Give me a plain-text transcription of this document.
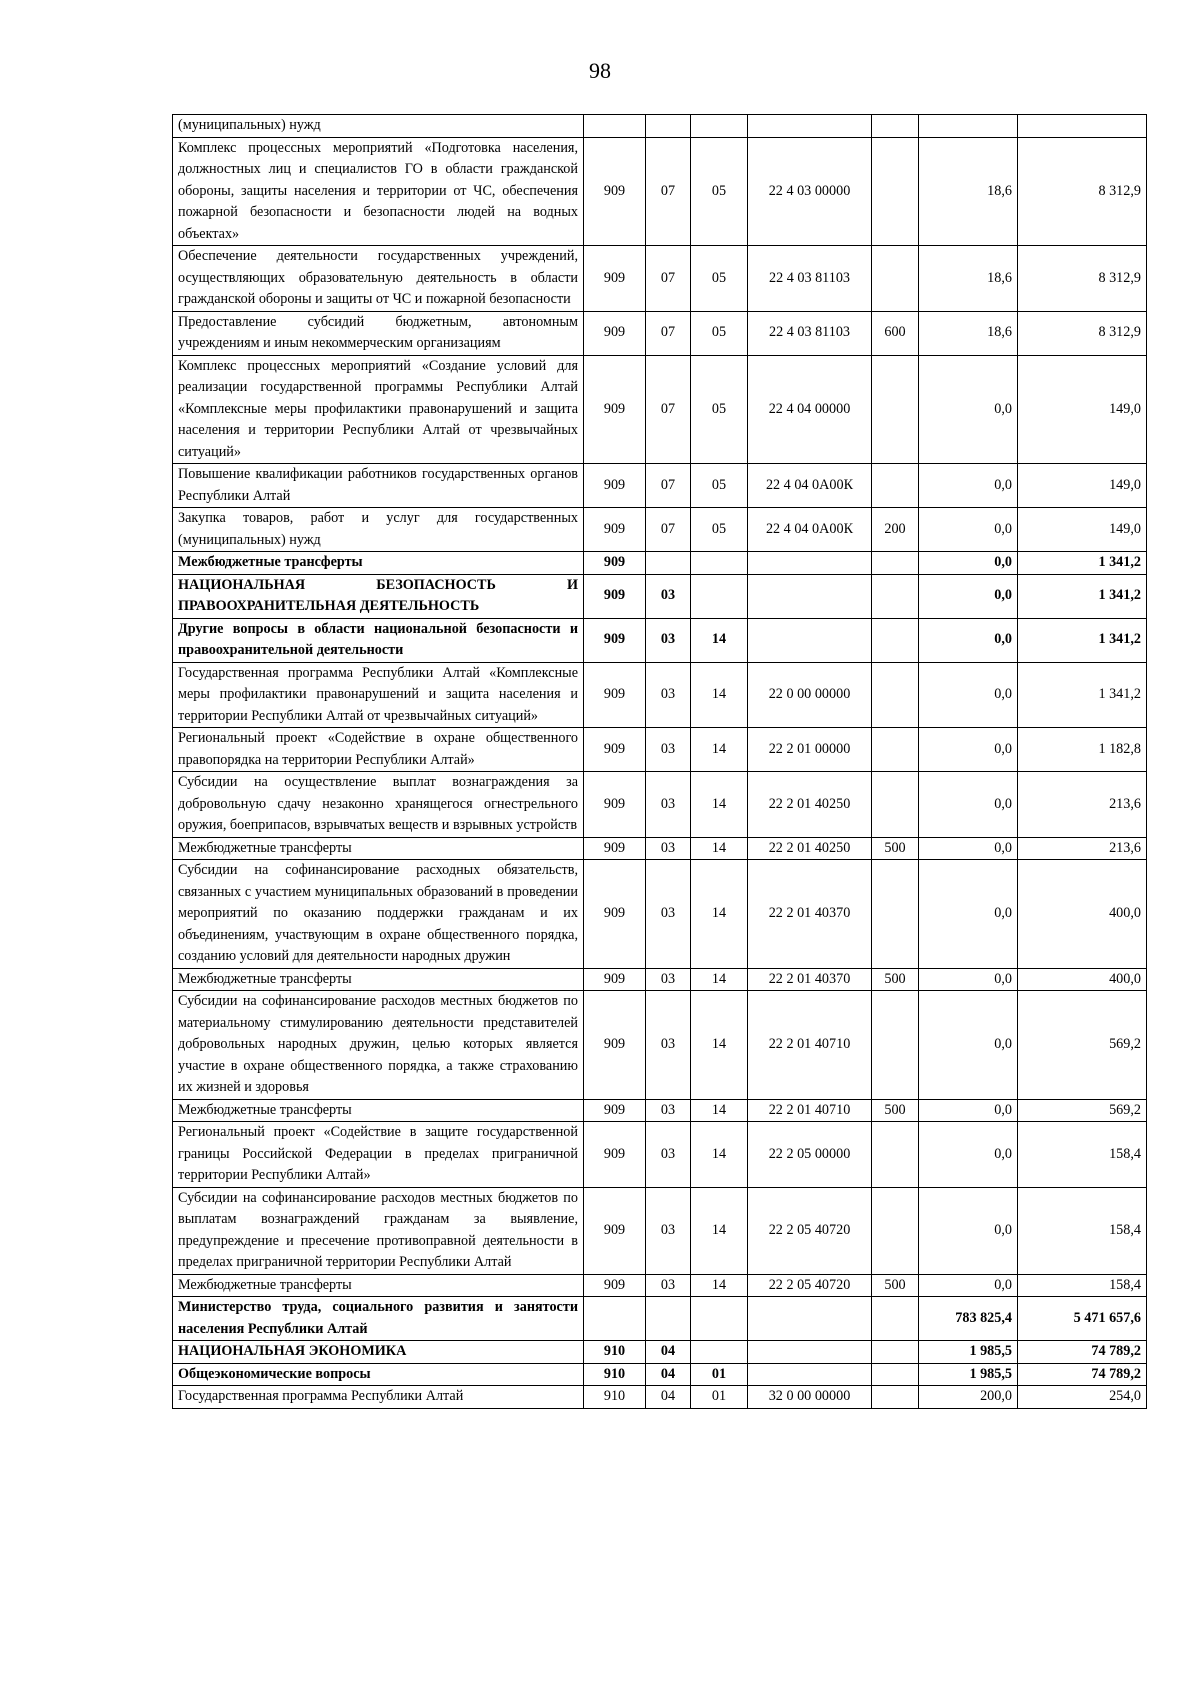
98
(муниципальных) нужд							
Комплекс процессных мероприятий «Подготовка населения, должностных лиц и специалистов ГО в области гражданской обороны, защиты населения и территории от ЧС, обеспечения пожарной безопасности и безопасности людей на водных объектах»	909	07	05	22 4 03 00000		18,6	8 312,9
Обеспечение деятельности государственных учреждений, осуществляющих образовательную деятельность в области гражданской обороны и защиты от ЧС и пожарной безопасности	909	07	05	22 4 03 81103		18,6	8 312,9
Предоставление субсидий бюджетным, автономным учреждениям и иным некоммерческим организациям	909	07	05	22 4 03 81103	600	18,6	8 312,9
Комплекс процессных мероприятий «Создание условий для реализации государственной программы Республики Алтай «Комплексные меры профилактики правонарушений и защита населения и территории Республики Алтай от чрезвычайных ситуаций»	909	07	05	22 4 04 00000		0,0	149,0
Повышение квалификации работников государственных органов Республики Алтай	909	07	05	22 4 04 0А00К		0,0	149,0
Закупка товаров, работ и услуг для государственных (муниципальных) нужд	909	07	05	22 4 04 0А00К	200	0,0	149,0
Межбюджетные трансферты	909					0,0	1 341,2
НАЦИОНАЛЬНАЯ БЕЗОПАСНОСТЬ И ПРАВООХРАНИТЕЛЬНАЯ ДЕЯТЕЛЬНОСТЬ	909	03				0,0	1 341,2
Другие вопросы в области национальной безопасности и правоохранительной деятельности	909	03	14			0,0	1 341,2
Государственная программа Республики Алтай «Комплексные меры профилактики правонарушений и защита населения и территории Республики Алтай от чрезвычайных ситуаций»	909	03	14	22 0 00 00000		0,0	1 341,2
Региональный проект «Содействие в охране общественного правопорядка на территории Республики Алтай»	909	03	14	22 2 01 00000		0,0	1 182,8
Субсидии на осуществление выплат вознаграждения за добровольную сдачу незаконно хранящегося огнестрельного оружия, боеприпасов, взрывчатых веществ и взрывных устройств	909	03	14	22 2 01 40250		0,0	213,6
Межбюджетные трансферты	909	03	14	22 2 01 40250	500	0,0	213,6
Субсидии на софинансирование расходных обязательств, связанных с участием муниципальных образований в проведении мероприятий по оказанию поддержки гражданам и их объединениям, участвующим в охране общественного порядка, созданию условий для деятельности народных дружин	909	03	14	22 2 01 40370		0,0	400,0
Межбюджетные трансферты	909	03	14	22 2 01 40370	500	0,0	400,0
Субсидии на софинансирование расходов местных бюджетов по материальному стимулированию деятельности представителей добровольных народных дружин, целью которых является участие в охране общественного порядка, а также страхованию их жизней и здоровья	909	03	14	22 2 01 40710		0,0	569,2
Межбюджетные трансферты	909	03	14	22 2 01 40710	500	0,0	569,2
Региональный проект «Содействие в защите государственной границы Российской Федерации в пределах приграничной территории Республики Алтай»	909	03	14	22 2 05 00000		0,0	158,4
Субсидии на софинансирование расходов местных бюджетов по выплатам вознаграждений гражданам за выявление, предупреждение и пресечение противоправной деятельности в пределах приграничной территории Республики Алтай	909	03	14	22 2 05 40720		0,0	158,4
Межбюджетные трансферты	909	03	14	22 2 05 40720	500	0,0	158,4
Министерство труда, социального развития и занятости населения Республики Алтай						783 825,4	5 471 657,6
НАЦИОНАЛЬНАЯ ЭКОНОМИКА	910	04				1 985,5	74 789,2
Общеэкономические вопросы	910	04	01			1 985,5	74 789,2
Государственная программа Республики Алтай	910	04	01	32 0 00 00000		200,0	254,0
